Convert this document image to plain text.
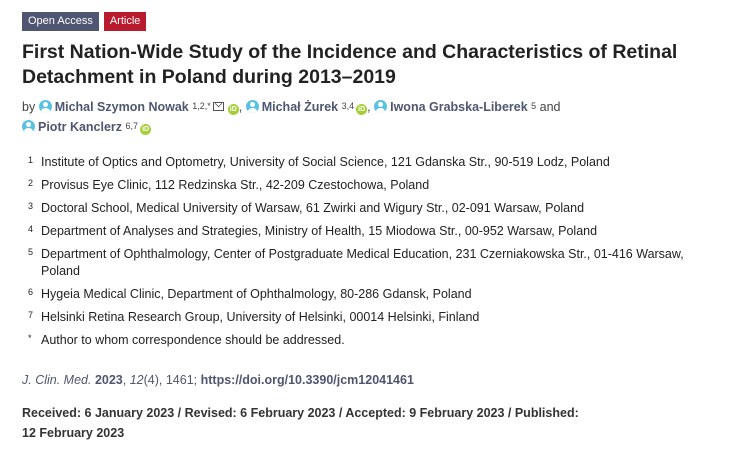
Open Access	Article
First Nation-Wide Study of the Incidence and Characteristics of Retinal Detachment in Poland during 2013–2019
by Michal Szymon Nowak $^{1,2,*}$	iD , Michał Żurek $^{3,4}$ iD , Iwona Grabska-Liberek $^5$ and
Piotr Kanclerz $^{6,7}$ iD
1 Institute of Optics and Optometry, University of Social Science, 121 Gdanska Str., 90-519 Lodz, Poland
2 Provisus Eye Clinic, 112 Redzinska Str., 42-209 Czestochowa, Poland
3 Doctoral School, Medical University of Warsaw, 61 Zwirki and Wigury Str., 02-091 Warsaw, Poland
4 Department of Analyses and Strategies, Ministry of Health, 15 Miodowa Str., 00-952 Warsaw, Poland
5 Department of Ophthalmology, Center of Postgraduate Medical Education, 231 Czerniakowska Str., 01-416 Warsaw, Poland
6 Hygeia Medical Clinic, Department of Ophthalmology, 80-286 Gdansk, Poland
7 Helsinki Retina Research Group, University of Helsinki, 00014 Helsinki, Finland
* Author to whom correspondence should be addressed.
J. Clin. Med. 2023, 12(4), 1461; https://doi.org/10.3390/jcm12041461
Received: 6 January 2023 / Revised: 6 February 2023 / Accepted: 9 February 2023 / Published: 12 February 2023
